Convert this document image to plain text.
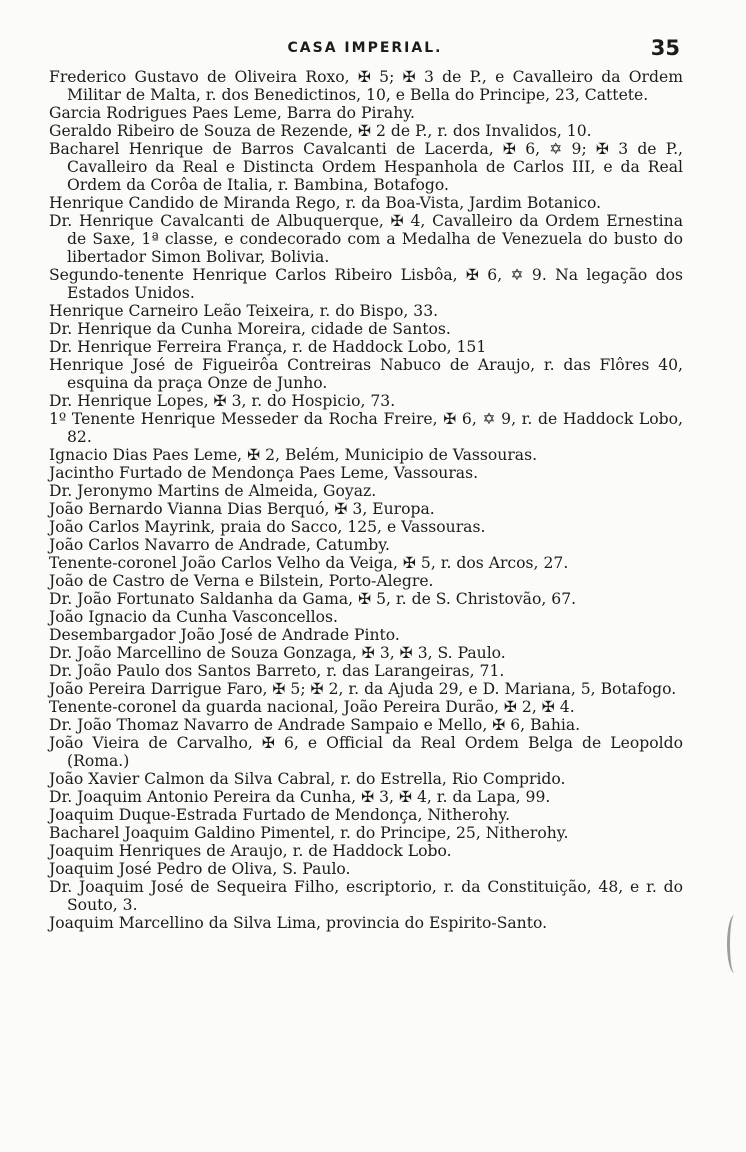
CASA IMPERIAL.	35
Frederico Gustavo de Oliveira Roxo, ✠ 5; ✠ 3 de P., e Cavalleiro da Ordem Militar de Malta, r. dos Benedictinos, 10, e Bella do Principe, 23, Cattete.
Garcia Rodrigues Paes Leme, Barra do Pirahy.
Geraldo Ribeiro de Souza de Rezende, ✠ 2 de P., r. dos Invalidos, 10.
Bacharel Henrique de Barros Cavalcanti de Lacerda, ✠ 6, ✡ 9; ✠ 3 de P., Cavalleiro da Real e Distincta Ordem Hespanhola de Carlos III, e da Real Ordem da Corôa de Italia, r. Bambina, Botafogo.
Henrique Candido de Miranda Rego, r. da Boa-Vista, Jardim Botanico.
Dr. Henrique Cavalcanti de Albuquerque, ✠ 4, Cavalleiro da Ordem Ernestina de Saxe, 1ª classe, e condecorado com a Medalha de Venezuela do busto do libertador Simon Bolivar, Bolivia.
Segundo-tenente Henrique Carlos Ribeiro Lisbôa, ✠ 6, ✡ 9. Na legação dos Estados Unidos.
Henrique Carneiro Leão Teixeira, r. do Bispo, 33.
Dr. Henrique da Cunha Moreira, cidade de Santos.
Dr. Henrique Ferreira França, r. de Haddock Lobo, 151
Henrique José de Figueirôa Contreiras Nabuco de Araujo, r. das Flôres 40, esquina da praça Onze de Junho.
Dr. Henrique Lopes, ✠ 3, r. do Hospicio, 73.
1º Tenente Henrique Messeder da Rocha Freire, ✠ 6, ✡ 9, r. de Haddock Lobo, 82.
Ignacio Dias Paes Leme, ✠ 2, Belém, Municipio de Vassouras.
Jacintho Furtado de Mendonça Paes Leme, Vassouras.
Dr. Jeronymo Martins de Almeida, Goyaz.
João Bernardo Vianna Dias Berquó, ✠ 3, Europa.
João Carlos Mayrink, praia do Sacco, 125, e Vassouras.
João Carlos Navarro de Andrade, Catumby.
Tenente-coronel João Carlos Velho da Veiga, ✠ 5, r. dos Arcos, 27.
João de Castro de Verna e Bilstein, Porto-Alegre.
Dr. João Fortunato Saldanha da Gama, ✠ 5, r. de S. Christovão, 67.
João Ignacio da Cunha Vasconcellos.
Desembargador João José de Andrade Pinto.
Dr. João Marcellino de Souza Gonzaga, ✠ 3, ✠ 3, S. Paulo.
Dr. João Paulo dos Santos Barreto, r. das Larangeiras, 71.
João Pereira Darrigue Faro, ✠ 5; ✠ 2, r. da Ajuda 29, e D. Mariana, 5, Botafogo.
Tenente-coronel da guarda nacional, João Pereira Durão, ✠ 2, ✠ 4.
Dr. João Thomaz Navarro de Andrade Sampaio e Mello, ✠ 6, Bahia.
João Vieira de Carvalho, ✠ 6, e Official da Real Ordem Belga de Leopoldo (Roma.)
João Xavier Calmon da Silva Cabral, r. do Estrella, Rio Comprido.
Dr. Joaquim Antonio Pereira da Cunha, ✠ 3, ✠ 4, r. da Lapa, 99.
Joaquim Duque-Estrada Furtado de Mendonça, Nitherohy.
Bacharel Joaquim Galdino Pimentel, r. do Principe, 25, Nitherohy.
Joaquim Henriques de Araujo, r. de Haddock Lobo.
Joaquim José Pedro de Oliva, S. Paulo.
Dr. Joaquim José de Sequeira Filho, escriptorio, r. da Constituição, 48, e r. do Souto, 3.
Joaquim Marcellino da Silva Lima, provincia do Espirito-Santo.
